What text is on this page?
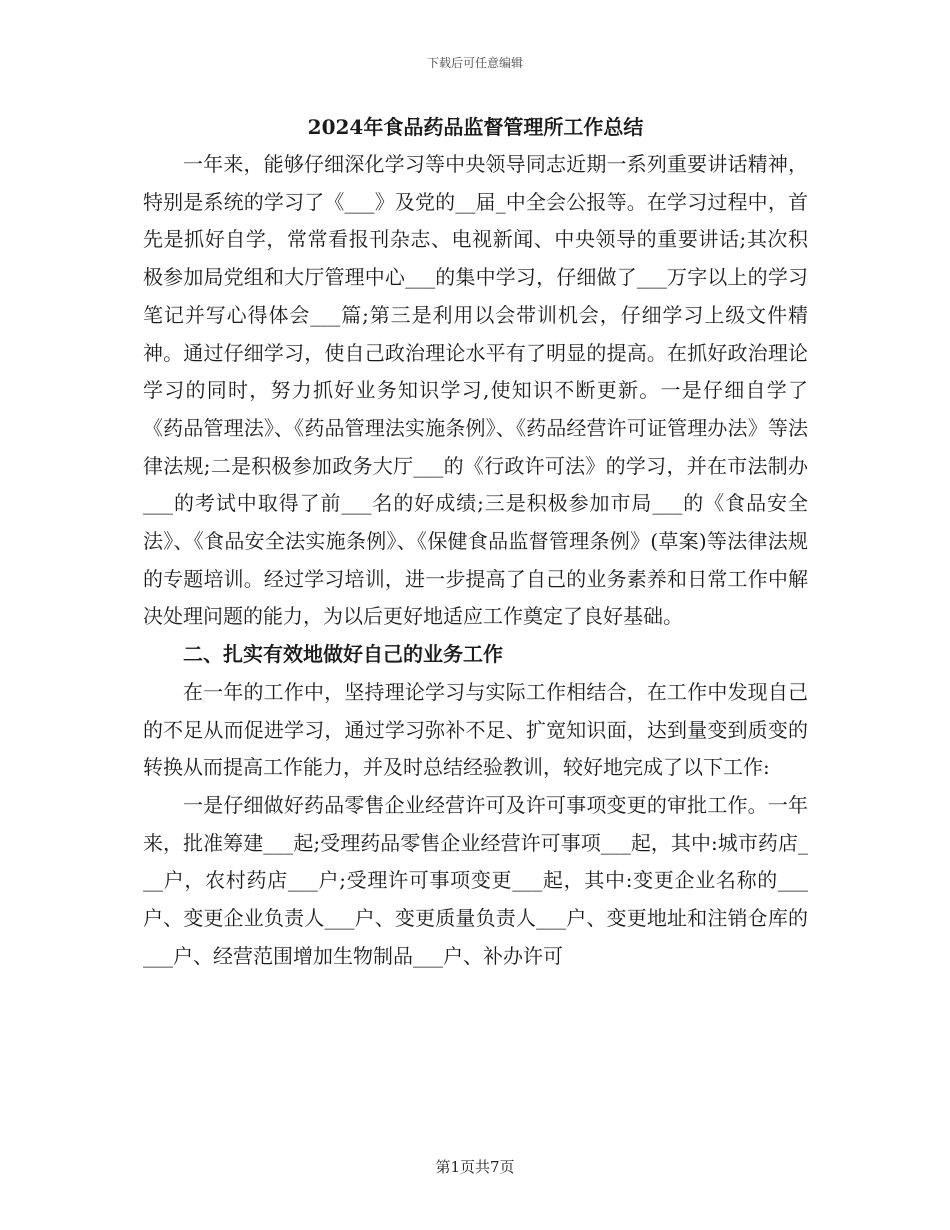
下载后可任意编辑
2024年食品药品监督管理所工作总结

一年来，能够仔细深化学习等中央领导同志近期一系列重要讲话精神，特别是系统的学习了《___》及党的__届_中全会公报等。在学习过程中，首先是抓好自学，常常看报刊杂志、电视新闻、中央领导的重要讲话;其次积极参加局党组和大厅管理中心___的集中学习，仔细做了___万字以上的学习笔记并写心得体会___篇;第三是利用以会带训机会，仔细学习上级文件精神。通过仔细学习，使自己政治理论水平有了明显的提高。在抓好政治理论学习的同时，努力抓好业务知识学习,使知识不断更新。一是仔细自学了《药品管理法》、《药品管理法实施条例》、《药品经营许可证管理办法》等法律法规;二是积极参加政务大厅___的《行政许可法》的学习，并在市法制办___的考试中取得了前___名的好成绩;三是积极参加市局___的《食品安全法》、《食品安全法实施条例》、《保健食品监督管理条例》(草案)等法律法规的专题培训。经过学习培训，进一步提高了自己的业务素养和日常工作中解决处理问题的能力，为以后更好地适应工作奠定了良好基础。

二、扎实有效地做好自己的业务工作

在一年的工作中，坚持理论学习与实际工作相结合，在工作中发现自己的不足从而促进学习，通过学习弥补不足、扩宽知识面，达到量变到质变的转换从而提高工作能力，并及时总结经验教训，较好地完成了以下工作:

一是仔细做好药品零售企业经营许可及许可事项变更的审批工作。一年来，批准筹建___起;受理药品零售企业经营许可事项___起，其中:城市药店___户，农村药店___户;受理许可事项变更___起，其中:变更企业名称的___户、变更企业负责人___户、变更质量负责人___户、变更地址和注销仓库的___户、经营范围增加生物制品___户、补办许可

第1页共7页
